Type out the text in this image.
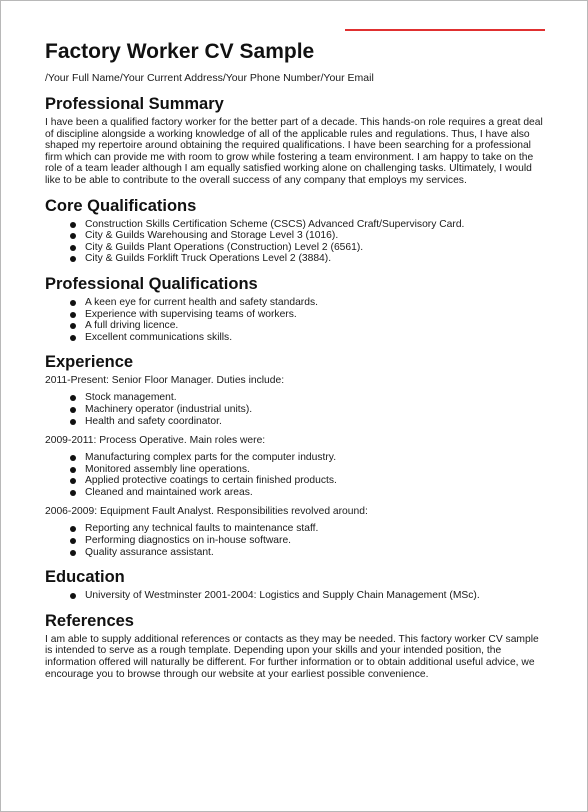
Factory Worker CV Sample
/Your Full Name/Your Current Address/Your Phone Number/Your Email
Professional Summary

I have been a qualified factory worker for the better part of a decade. This hands-on role requires a great deal of discipline alongside a working knowledge of all of the applicable rules and regulations. Thus, I have also shaped my repertoire around obtaining the required qualifications. I have been searching for a professional firm which can provide me with room to grow while fostering a team environment. I am happy to take on the role of a team leader although I am equally satisfied working alone on challenging tasks. Ultimately, I would like to be able to contribute to the overall success of any company that employs my services.

Core Qualifications
Construction Skills Certification Scheme (CSCS) Advanced Craft/Supervisory Card.
City & Guilds Warehousing and Storage Level 3 (1016).
City & Guilds Plant Operations (Construction) Level 2 (6561).
City & Guilds Forklift Truck Operations Level 2 (3884).
Professional Qualifications
A keen eye for current health and safety standards.
Experience with supervising teams of workers.
A full driving licence.
Excellent communications skills.
Experience
2011-Present: Senior Floor Manager. Duties include:
Stock management.
Machinery operator (industrial units).
Health and safety coordinator.
2009-2011: Process Operative. Main roles were:
Manufacturing complex parts for the computer industry.
Monitored assembly line operations.
Applied protective coatings to certain finished products.
Cleaned and maintained work areas.
2006-2009: Equipment Fault Analyst. Responsibilities revolved around:
Reporting any technical faults to maintenance staff.
Performing diagnostics on in-house software.
Quality assurance assistant.
Education
University of Westminster 2001-2004: Logistics and Supply Chain Management (MSc).
References

I am able to supply additional references or contacts as they may be needed. This factory worker CV sample is intended to serve as a rough template. Depending upon your skills and your intended position, the information offered will naturally be different. For further information or to obtain additional useful advice, we encourage you to browse through our website at your earliest possible convenience.
